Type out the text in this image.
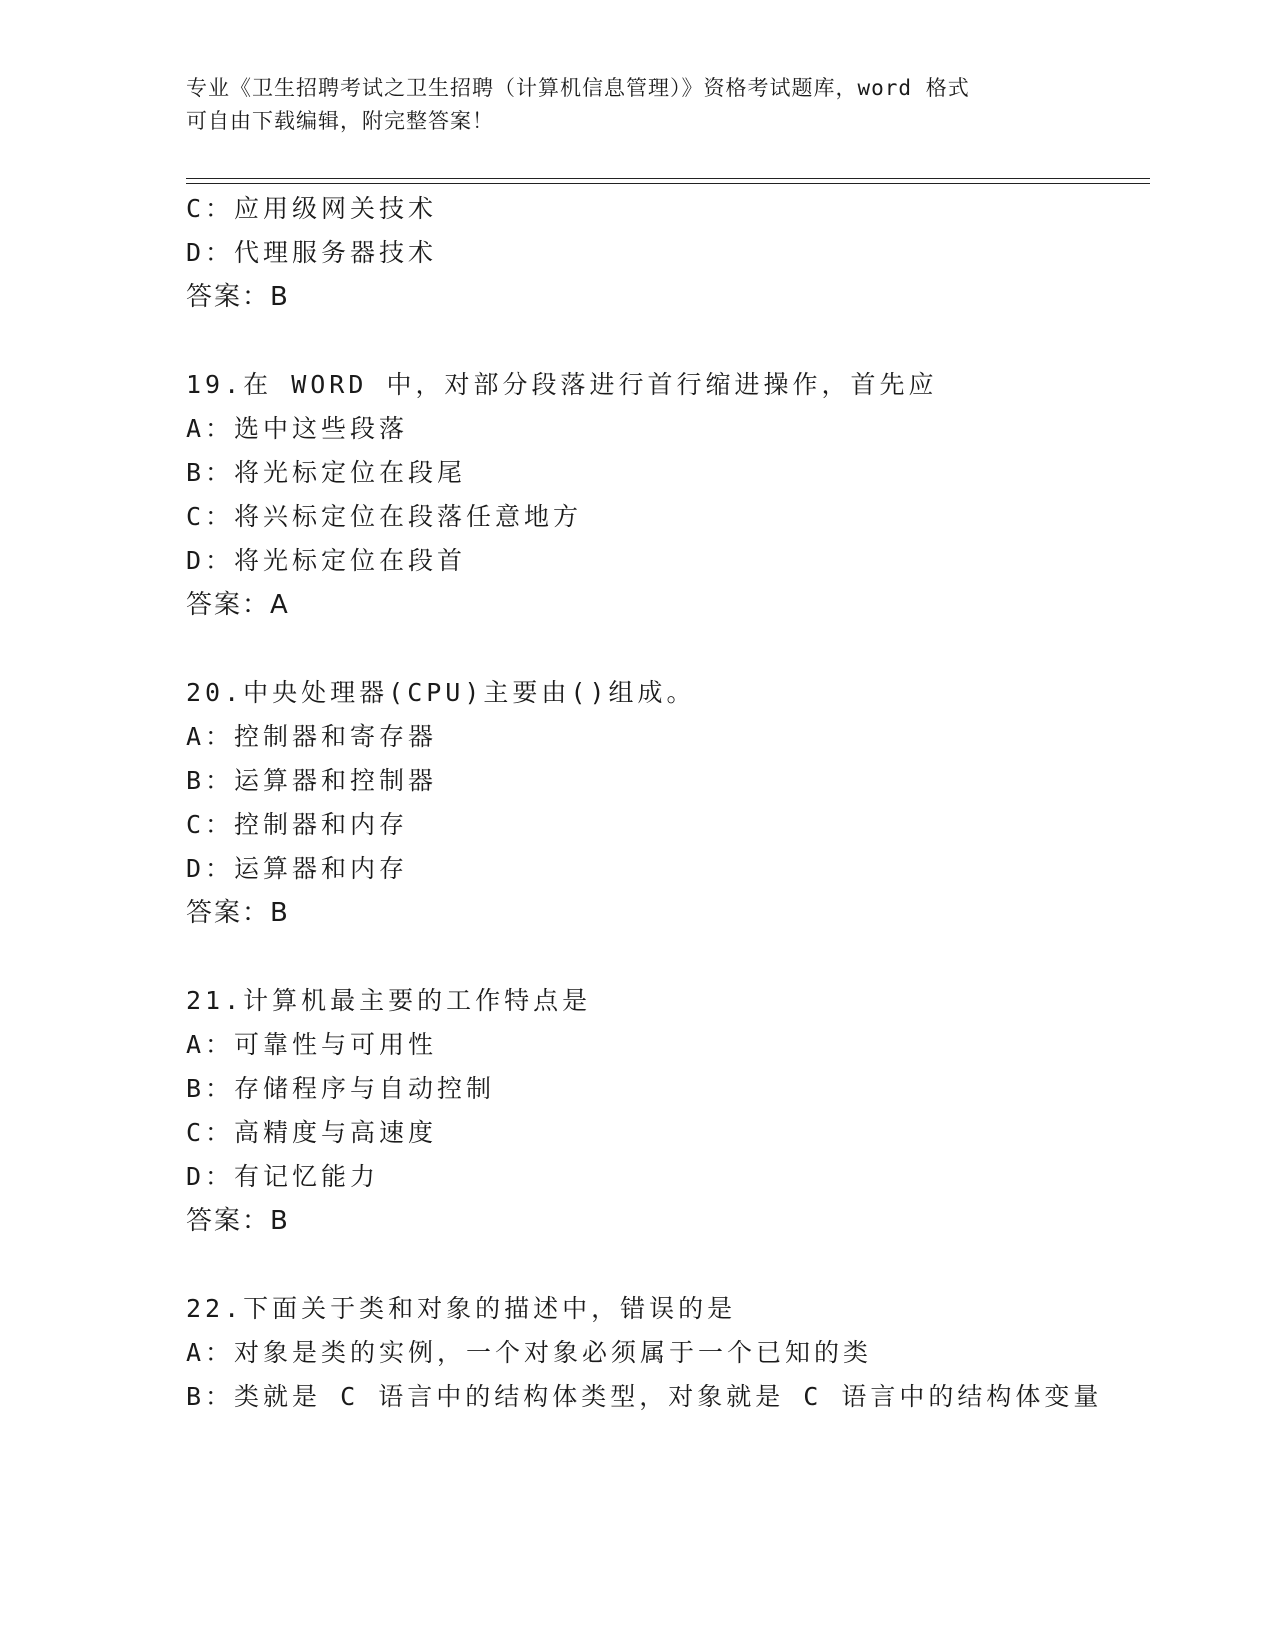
专业《卫生招聘考试之卫生招聘（计算机信息管理）》资格考试题库，word 格式
可自由下载编辑，附完整答案！
C：应用级网关技术
D：代理服务器技术
答案：B
19.在 WORD 中，对部分段落进行首行缩进操作，首先应
A：选中这些段落
B：将光标定位在段尾
C：将兴标定位在段落任意地方
D：将光标定位在段首
答案：A
20.中央处理器(CPU)主要由()组成。
A：控制器和寄存器
B：运算器和控制器
C：控制器和内存
D：运算器和内存
答案：B
21.计算机最主要的工作特点是
A：可靠性与可用性
B：存储程序与自动控制
C：高精度与高速度
D：有记忆能力
答案：B
22.下面关于类和对象的描述中，错误的是
A：对象是类的实例，一个对象必须属于一个已知的类
B：类就是 C 语言中的结构体类型，对象就是 C 语言中的结构体变量
